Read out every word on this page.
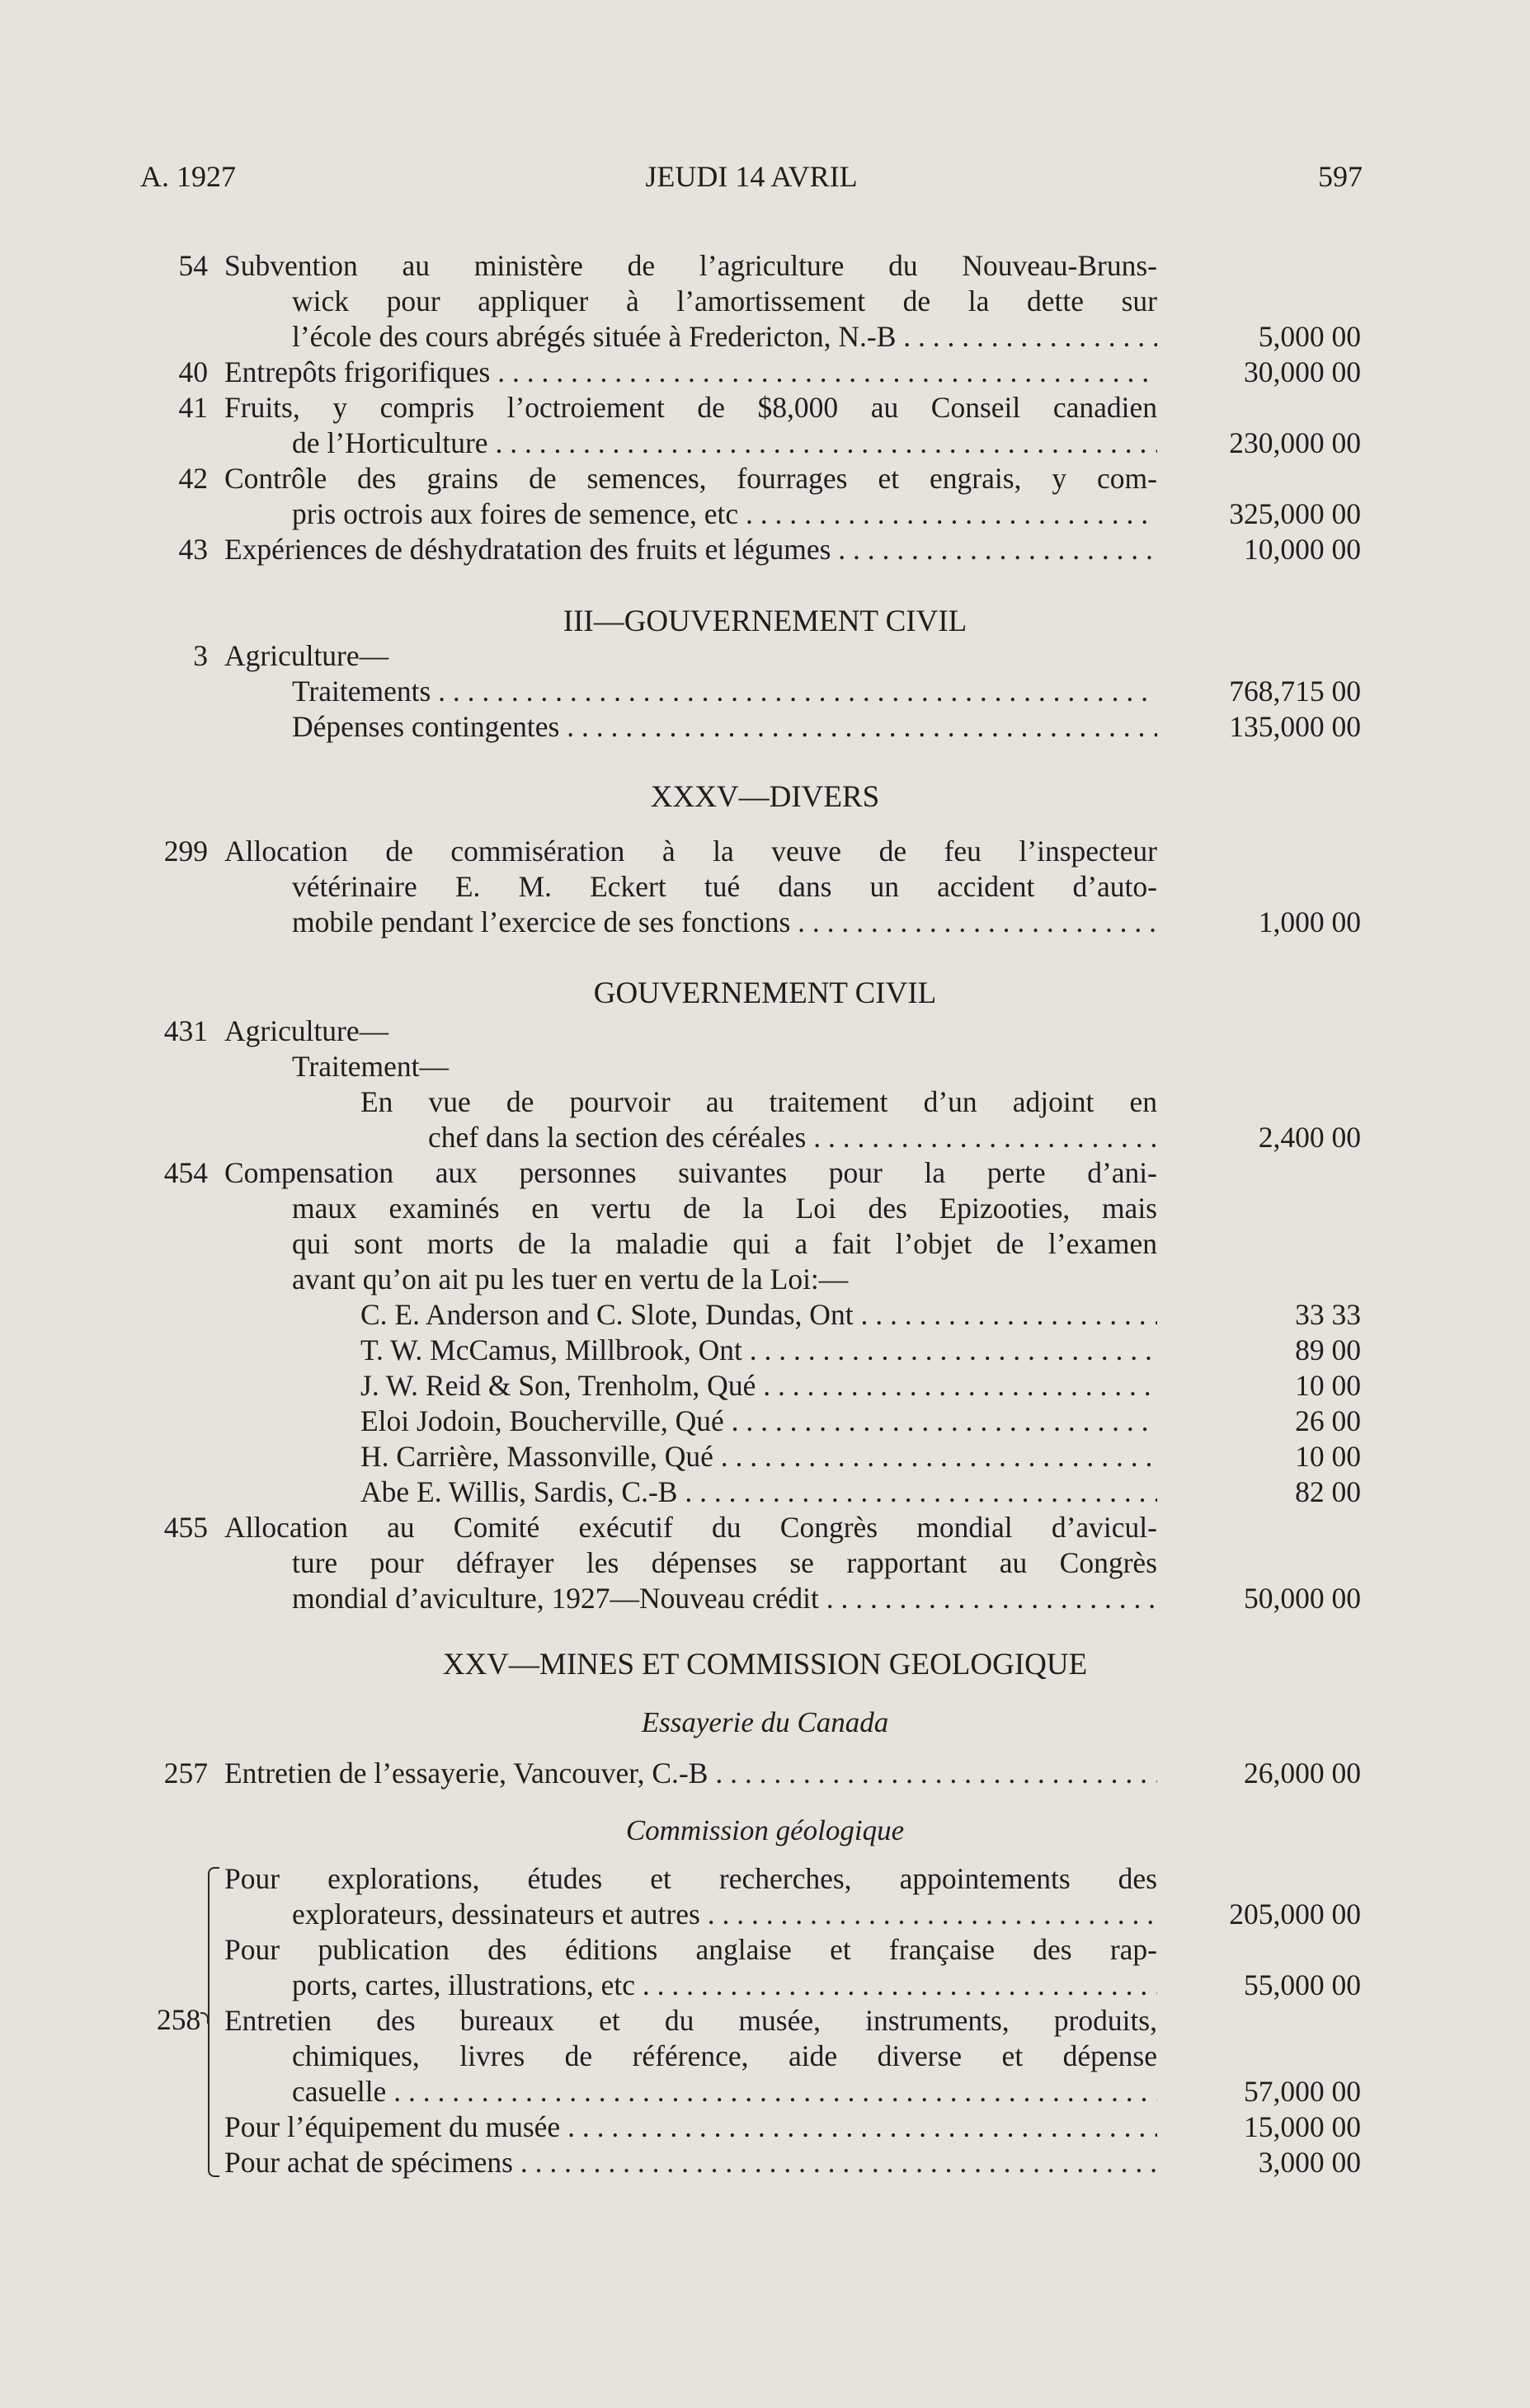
A. 1927	JEUDI 14 AVRIL	597
54 Subvention au ministère de l’agriculture du Nouveau-Bruns-
wick pour appliquer à l’amortissement de la dette sur
l’école des cours abrégés située à Fredericton, N.-B . . .	5,000 00
40 Entrepôts frigorifiques . . .	30,000 00
41 Fruits, y compris l’octroiement de $8,000 au Conseil canadien
de l’Horticulture . . .	230,000 00
42 Contrôle des grains de semences, fourrages et engrais, y com-
pris octrois aux foires de semence, etc . . .	325,000 00
43 Expériences de déshydratation des fruits et légumes . . .	10,000 00
III—GOUVERNEMENT CIVIL
3 Agriculture—
Traitements . . .	768,715 00
Dépenses contingentes . . .	135,000 00
XXXV—DIVERS
299 Allocation de commisération à la veuve de feu l’inspecteur
vétérinaire E. M. Eckert tué dans un accident d’auto-
mobile pendant l’exercice de ses fonctions . . .	1,000 00
GOUVERNEMENT CIVIL
431 Agriculture—
Traitement—
En vue de pourvoir au traitement d’un adjoint en
chef dans la section des céréales . . .	2,400 00
454 Compensation aux personnes suivantes pour la perte d’ani-
maux examinés en vertu de la Loi des Epizooties, mais
qui sont morts de la maladie qui a fait l’objet de l’examen
avant qu’on ait pu les tuer en vertu de la Loi:—
C. E. Anderson and C. Slote, Dundas, Ont . . .	33 33
T. W. McCamus, Millbrook, Ont . . .	89 00
J. W. Reid & Son, Trenholm, Qué . . .	10 00
Eloi Jodoin, Boucherville, Qué . . .	26 00
H. Carrière, Massonville, Qué . . .	10 00
Abe E. Willis, Sardis, C.-B . . .	82 00
455 Allocation au Comité exécutif du Congrès mondial d’avicul-
ture pour défrayer les dépenses se rapportant au Congrès
mondial d’aviculture, 1927—Nouveau crédit . . .	50,000 00
XXV—MINES ET COMMISSION GEOLOGIQUE
Essayerie du Canada
257 Entretien de l’essayerie, Vancouver, C.-B . . .	26,000 00
Commission géologique
258
Pour explorations, études et recherches, appointements des
explorateurs, dessinateurs et autres . . .	205,000 00
Pour publication des éditions anglaise et française des rap-
ports, cartes, illustrations, etc . . .	55,000 00
Entretien des bureaux et du musée, instruments, produits,
chimiques, livres de référence, aide diverse et dépense
casuelle . . .	57,000 00
Pour l’équipement du musée . . .	15,000 00
Pour achat de spécimens . . .	3,000 00
